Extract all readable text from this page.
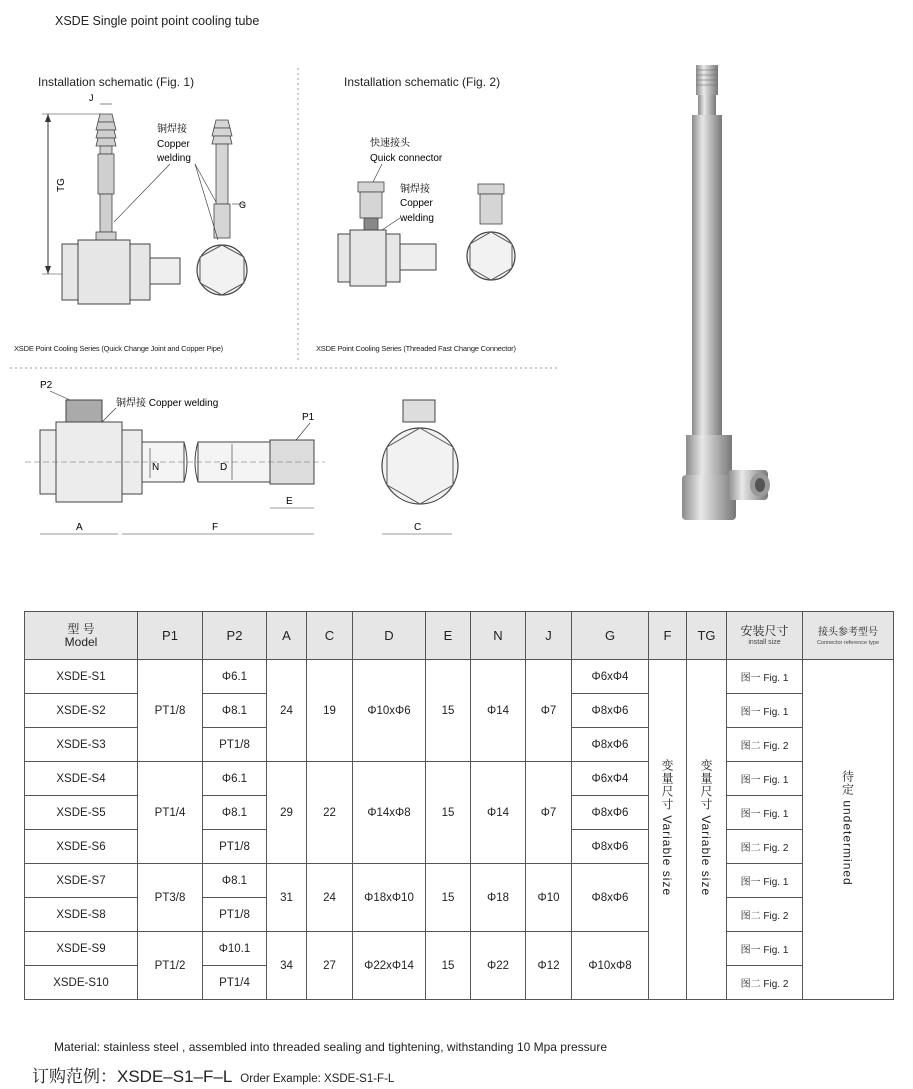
XSDE Single point point cooling tube
Installation schematic (Fig. 1)
TG
J
G
铜焊接
Copper
welding
XSDE Point Cooling Series (Quick Change Joint and Copper Pipe)
Installation schematic (Fig. 2)
快速接头
Quick connector
铜焊接
Copper
welding
XSDE Point Cooling Series (Threaded Fast Change Connector)
P2
铜焊接 Copper welding
N	D
P1
E
A	F	C
型 号
Model	P1	P2	A	C	D	E	N	J	G	F	TG	安装尺寸
install size	接头参考型号
Connector reference type

XSDE-S1	PT1/8	Φ6.1	24	19	Φ10xΦ6	15	Φ14	Φ7	Φ6xΦ4	变量尺寸 Variable size	变量尺寸 Variable size	图一 Fig. 1	待定 undetermined
XSDE-S2		Φ8.1							Φ8xΦ6			图一 Fig. 1	
XSDE-S3		PT1/8							Φ8xΦ6			图二 Fig. 2	
XSDE-S4	PT1/4	Φ6.1	29	22	Φ14xΦ8	15	Φ14	Φ7	Φ6xΦ4			图一 Fig. 1	
XSDE-S5		Φ8.1							Φ8xΦ6			图一 Fig. 1	
XSDE-S6		PT1/8							Φ8xΦ6			图二 Fig. 2	
XSDE-S7	PT3/8	Φ8.1	31	24	Φ18xΦ10	15	Φ18	Φ10	Φ8xΦ6			图一 Fig. 1	
XSDE-S8		PT1/8										图二 Fig. 2	
XSDE-S9	PT1/2	Φ10.1	34	27	Φ22xΦ14	15	Φ22	Φ12	Φ10xΦ8			图一 Fig. 1	
XSDE-S10		PT1/4										图二 Fig. 2	
Material: stainless steel , assembled into threaded sealing and tightening, withstanding 10 Mpa pressure
订购范例：XSDE–S1–F–L Order Example: XSDE-S1-F-L
